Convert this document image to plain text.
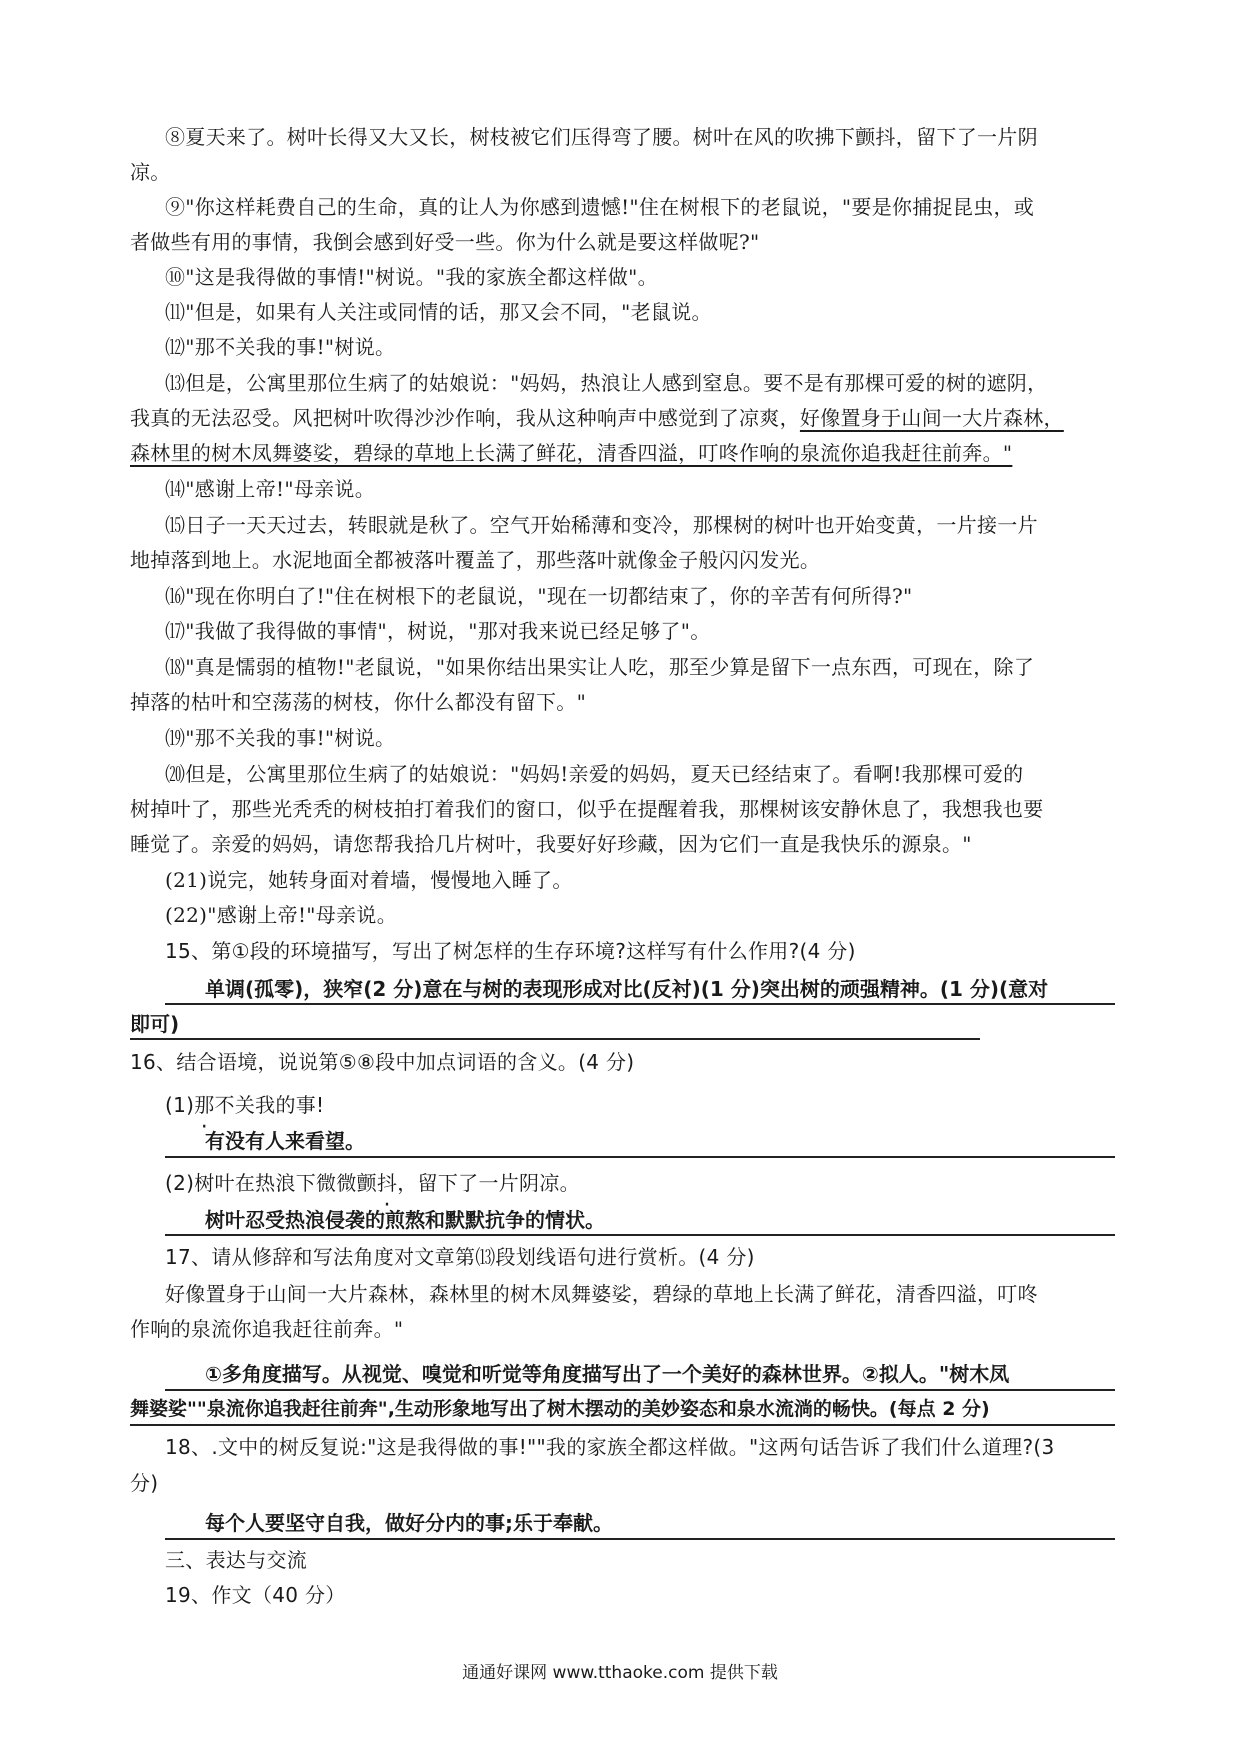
⑧夏天来了。树叶长得又大又长，树枝被它们压得弯了腰。树叶在风的吹拂下颤抖，留下了一片阴
凉。
⑨"你这样耗费自己的生命，真的让人为你感到遗憾!"住在树根下的老鼠说，"要是你捕捉昆虫，或
者做些有用的事情，我倒会感到好受一些。你为什么就是要这样做呢?"
⑩"这是我得做的事情!"树说。"我的家族全都这样做"。
⑾"但是，如果有人关注或同情的话，那又会不同，"老鼠说。
⑿"那不关我的事!"树说。
⒀但是，公寓里那位生病了的姑娘说："妈妈，热浪让人感到窒息。要不是有那棵可爱的树的遮阴，
我真的无法忍受。风把树叶吹得沙沙作响，我从这种响声中感觉到了凉爽，好像置身于山间一大片森林，
森林里的树木凤舞婆娑，碧绿的草地上长满了鲜花，清香四溢，叮咚作响的泉流你追我赶往前奔。"
⒁"感谢上帝!"母亲说。
⒂日子一天天过去，转眼就是秋了。空气开始稀薄和变冷，那棵树的树叶也开始变黄，一片接一片
地掉落到地上。水泥地面全都被落叶覆盖了，那些落叶就像金子般闪闪发光。
⒃"现在你明白了!"住在树根下的老鼠说，"现在一切都结束了，你的辛苦有何所得?"
⒄"我做了我得做的事情"，树说，"那对我来说已经足够了"。
⒅"真是懦弱的植物!"老鼠说，"如果你结出果实让人吃，那至少算是留下一点东西，可现在，除了
掉落的枯叶和空荡荡的树枝，你什么都没有留下。"
⒆"那不关我的事!"树说。
⒇但是，公寓里那位生病了的姑娘说："妈妈!亲爱的妈妈，夏天已经结束了。看啊!我那棵可爱的
树掉叶了，那些光秃秃的树枝拍打着我们的窗口，似乎在提醒着我，那棵树该安静休息了，我想我也要
睡觉了。亲爱的妈妈，请您帮我拾几片树叶，我要好好珍藏，因为它们一直是我快乐的源泉。"
(21)说完，她转身面对着墙，慢慢地入睡了。
(22)"感谢上帝!"母亲说。
15、第①段的环境描写，写出了树怎样的生存环境?这样写有什么作用?(4 分)
单调(孤零)，狭窄(2 分)意在与树的表现形成对比(反衬)(1 分)突出树的顽强精神。(1 分)(意对
即可)
16、结合语境，说说第⑤⑧段中加点词语的含义。(4 分)
(1)那不关我的事!
有没有人来看望。
(2)树叶在热浪下微微颤抖，留下了一片阴凉。
树叶忍受热浪侵袭的煎熬和默默抗争的情状。
17、请从修辞和写法角度对文章第⒀段划线语句进行赏析。(4 分)
好像置身于山间一大片森林，森林里的树木凤舞婆娑，碧绿的草地上长满了鲜花，清香四溢，叮咚
作响的泉流你追我赶往前奔。"
①多角度描写。从视觉、嗅觉和听觉等角度描写出了一个美好的森林世界。②拟人。"树木凤
舞婆娑""泉流你追我赶往前奔",生动形象地写出了树木摆动的美妙姿态和泉水流淌的畅快。(每点 2 分)
18、.文中的树反复说:"这是我得做的事!""我的家族全都这样做。"这两句话告诉了我们什么道理?(3
分)
每个人要坚守自我，做好分内的事;乐于奉献。
三、表达与交流
19、作文（40 分）
通通好课网 www.tthaoke.com 提供下载
